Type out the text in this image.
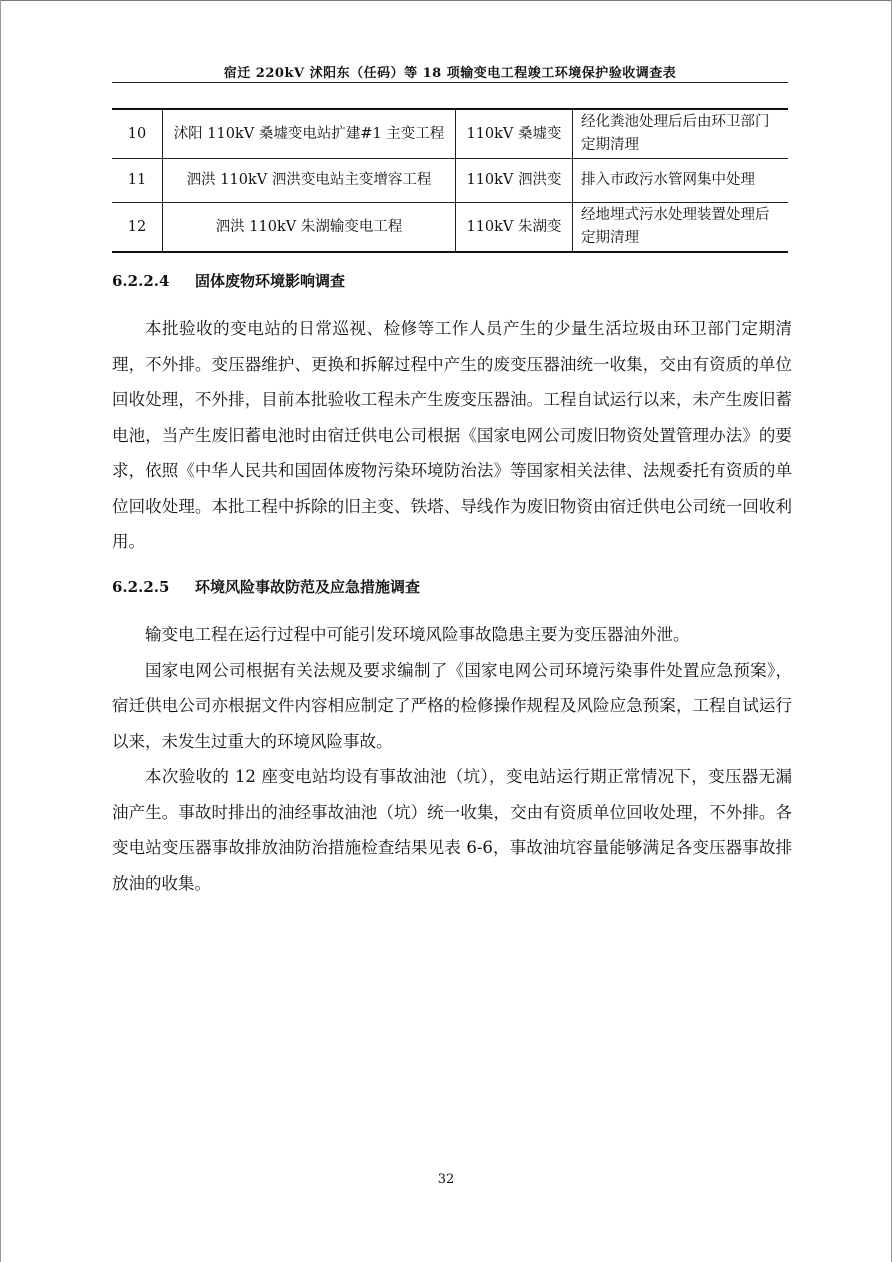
宿迁 220kV 沭阳东（任码）等 18 项输变电工程竣工环境保护验收调查表
10	沭阳 110kV 桑墟变电站扩建#1 主变工程	110kV 桑墟变	经化粪池处理后后由环卫部门定期清理
11	泗洪 110kV 泗洪变电站主变增容工程	110kV 泗洪变	排入市政污水管网集中处理
12	泗洪 110kV 朱湖输变电工程	110kV 朱湖变	经地埋式污水处理装置处理后定期清理
6.2.2.4 固体废物环境影响调查

本批验收的变电站的日常巡视、检修等工作人员产生的少量生活垃圾由环卫部门定期清理，不外排。变压器维护、更换和拆解过程中产生的废变压器油统一收集，交由有资质的单位回收处理，不外排，目前本批验收工程未产生废变压器油。工程自试运行以来，未产生废旧蓄电池，当产生废旧蓄电池时由宿迁供电公司根据《国家电网公司废旧物资处置管理办法》的要求，依照《中华人民共和国固体废物污染环境防治法》等国家相关法律、法规委托有资质的单位回收处理。本批工程中拆除的旧主变、铁塔、导线作为废旧物资由宿迁供电公司统一回收利用。

6.2.2.5 环境风险事故防范及应急措施调查

输变电工程在运行过程中可能引发环境风险事故隐患主要为变压器油外泄。

国家电网公司根据有关法规及要求编制了《国家电网公司环境污染事件处置应急预案》，宿迁供电公司亦根据文件内容相应制定了严格的检修操作规程及风险应急预案，工程自试运行以来，未发生过重大的环境风险事故。

本次验收的 12 座变电站均设有事故油池（坑），变电站运行期正常情况下，变压器无漏油产生。事故时排出的油经事故油池（坑）统一收集，交由有资质单位回收处理，不外排。各变电站变压器事故排放油防治措施检查结果见表 6-6，事故油坑容量能够满足各变压器事故排放油的收集。

32
